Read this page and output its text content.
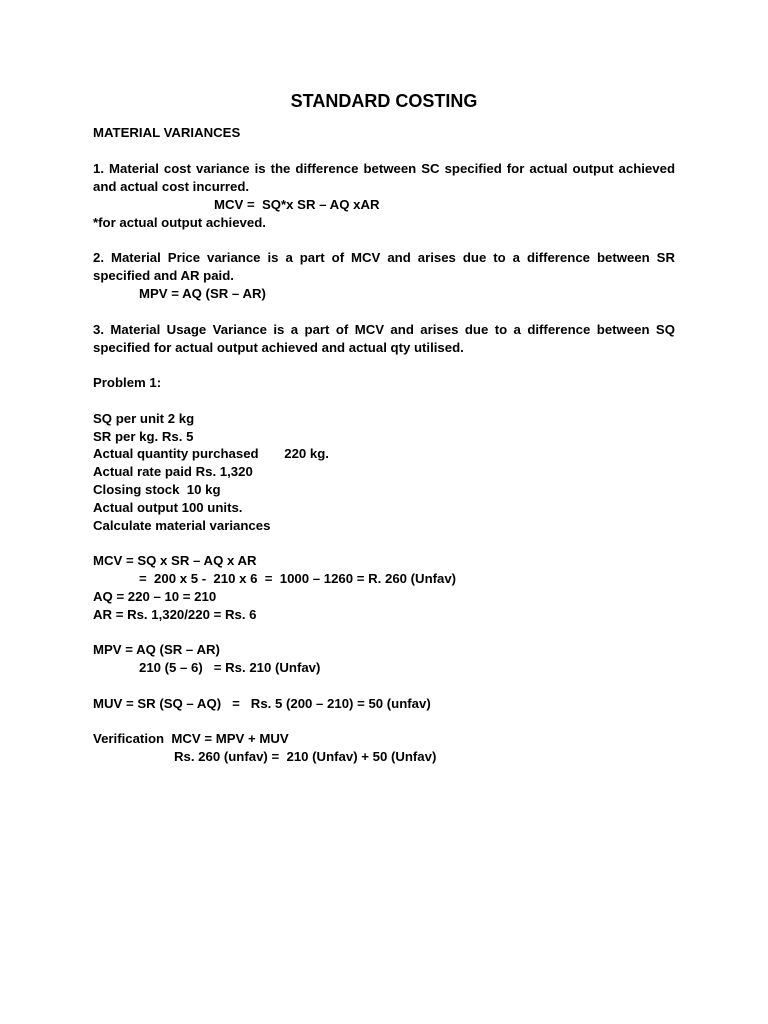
STANDARD COSTING
MATERIAL VARIANCES
1. Material cost variance is the difference between SC specified for actual output achieved and actual cost incurred.
MCV =  SQ*x SR – AQ xAR
*for actual output achieved.
2. Material Price variance is a part of MCV and arises due to a difference between SR specified and AR paid.
MPV = AQ (SR – AR)
3. Material Usage Variance is a part of MCV and arises due to a difference between SQ specified for actual output achieved and actual qty utilised.
Problem 1:
SQ per unit 2 kg
SR per kg. Rs. 5
Actual quantity purchased       220 kg.
Actual rate paid Rs. 1,320
Closing stock  10 kg
Actual output 100 units.
Calculate material variances
MCV = SQ x SR – AQ x AR
=  200 x 5 -  210 x 6  =  1000 – 1260 = R. 260 (Unfav)
AQ = 220 – 10 = 210
AR = Rs. 1,320/220 = Rs. 6
MPV = AQ (SR – AR)
210 (5 – 6)   = Rs. 210 (Unfav)
MUV = SR (SQ – AQ)   =   Rs. 5 (200 – 210) = 50 (unfav)
Verification  MCV = MPV + MUV
Rs. 260 (unfav) =  210 (Unfav) + 50 (Unfav)
